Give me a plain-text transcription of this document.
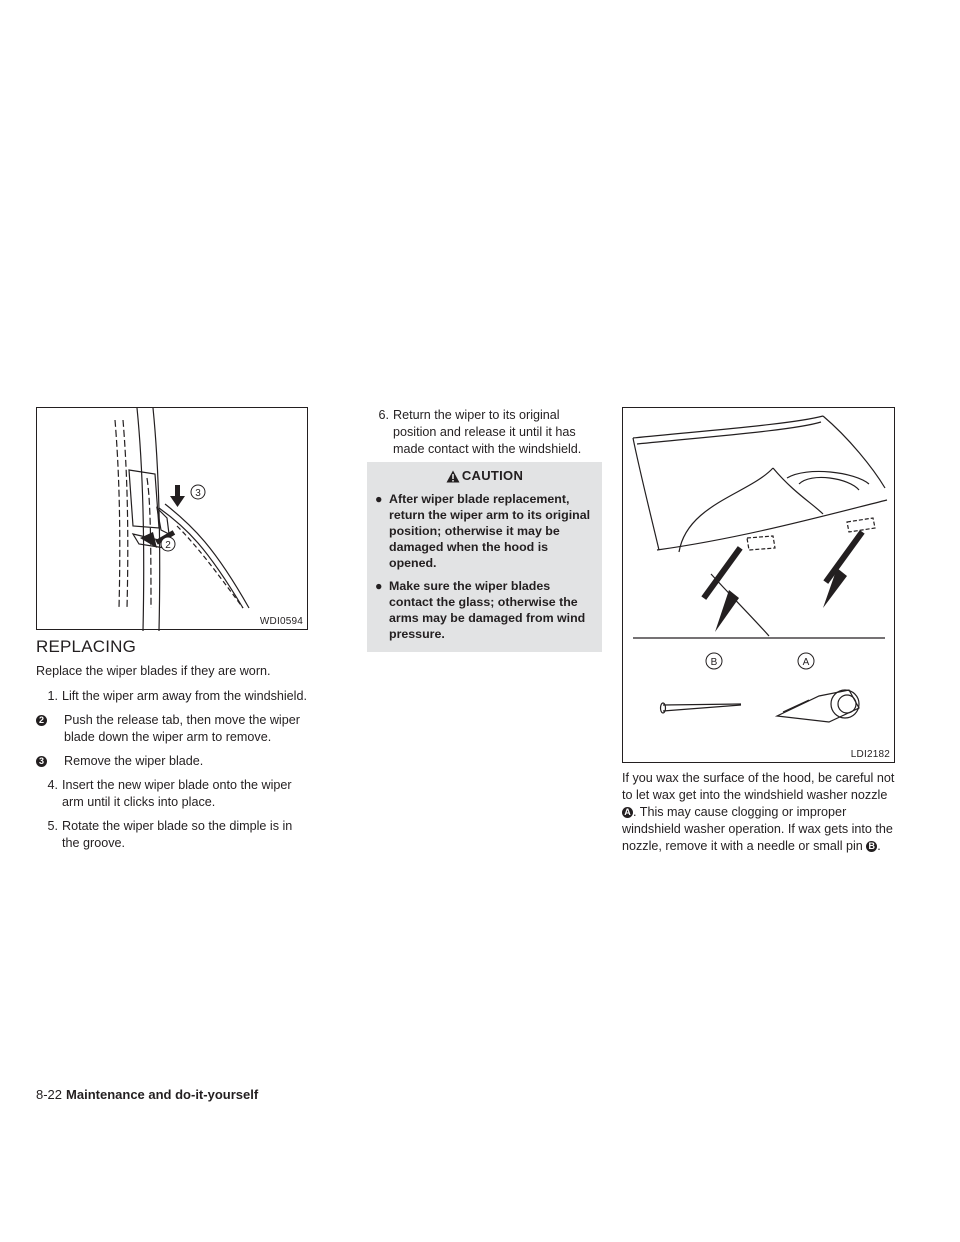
3
2
WDI0594
REPLACING

Replace the wiper blades if they are worn.

1. Lift the wiper arm away from the windshield.
2	Push the release tab, then move the wiper blade down the wiper arm to remove.
3	Remove the wiper blade.
4. Insert the new wiper blade onto the wiper arm until it clicks into place.
5. Rotate the wiper blade so the dimple is in the groove.
6. Return the wiper to its original position and release it until it has made contact with the windshield.
CAUTION
● After wiper blade replacement, return the wiper arm to its original position; otherwise it may be damaged when the hood is opened.
● Make sure the wiper blades contact the glass; otherwise the arms may be damaged from wind pressure.
B	A
LDI2182

If you wax the surface of the hood, be careful not to let wax get into the windshield washer nozzle A . This may cause clogging or improper windshield washer operation. If wax gets into the nozzle, remove it with a needle or small pin B .

8-22 Maintenance and do-it-yourself
